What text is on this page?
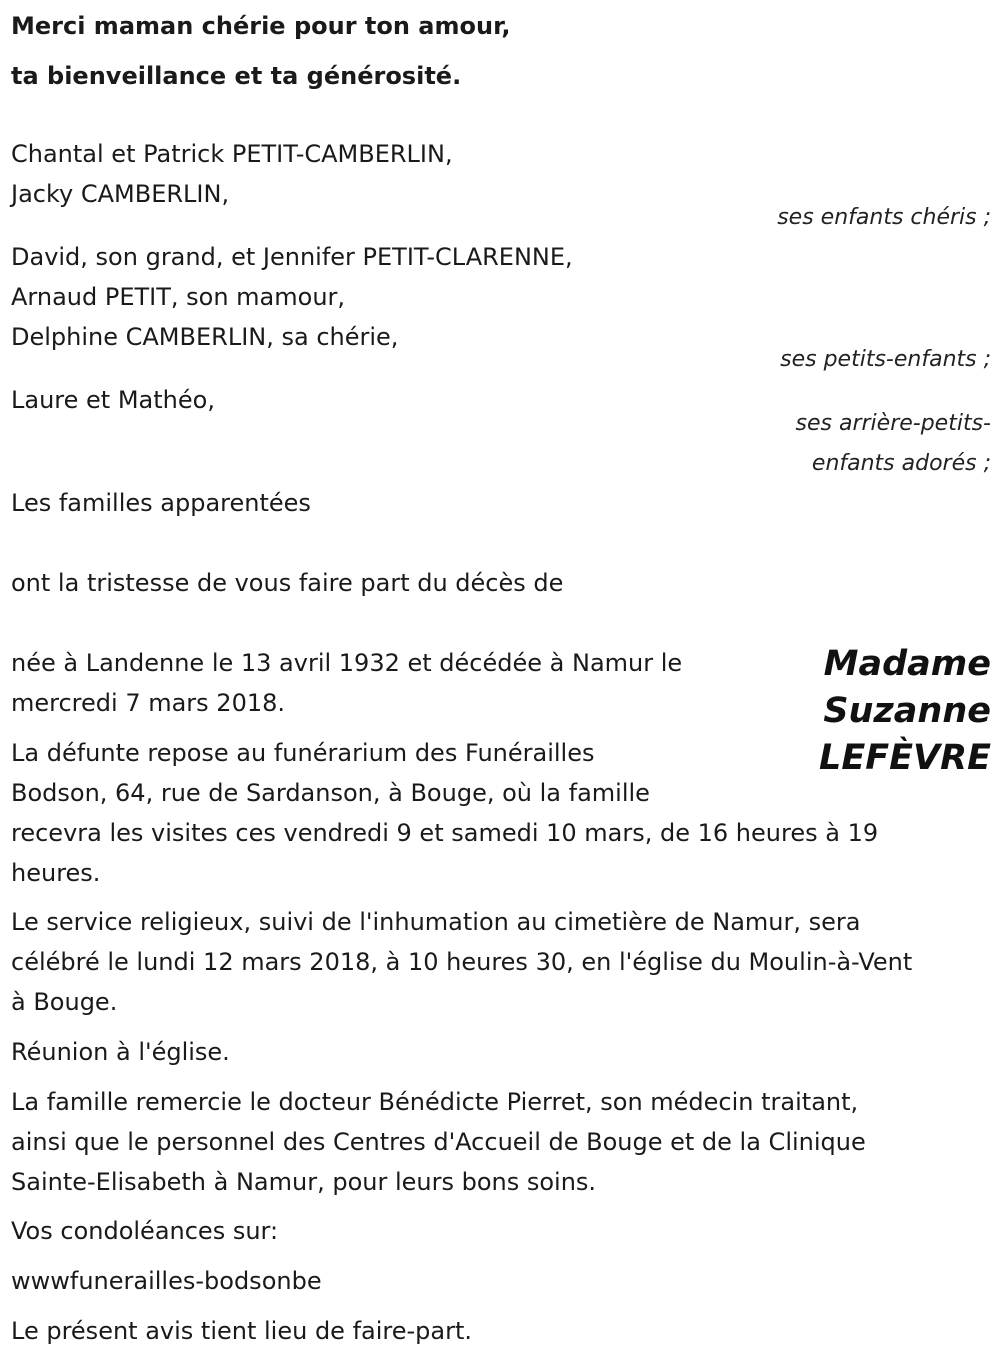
Merci maman chérie pour ton amour,
ta bienveillance et ta générosité.
Chantal et Patrick PETIT-CAMBERLIN,
Jacky CAMBERLIN,
ses enfants chéris ;
David, son grand, et Jennifer PETIT-CLARENNE,
Arnaud PETIT, son mamour,
Delphine CAMBERLIN, sa chérie,
ses petits-enfants ;
Laure et Mathéo,
ses arrière-petits-
enfants adorés ;
Les familles apparentées
ont la tristesse de vous faire part du décès de
Madame
Suzanne
LEFÈVRE
née à Landenne le 13 avril 1932 et décédée à Namur le
mercredi 7 mars 2018.
La défunte repose au funérarium des Funérailles
Bodson, 64, rue de Sardanson, à Bouge, où la famille
recevra les visites ces vendredi 9 et samedi 10 mars, de 16 heures à 19
heures.
Le service religieux, suivi de l'inhumation au cimetière de Namur, sera
célébré le lundi 12 mars 2018, à 10 heures 30, en l'église du Moulin-à-Vent
à Bouge.
Réunion à l'église.
La famille remercie le docteur Bénédicte Pierret, son médecin traitant,
ainsi que le personnel des Centres d'Accueil de Bouge et de la Clinique
Sainte-Elisabeth à Namur, pour leurs bons soins.
Vos condoléances sur:
wwwfunerailles-bodsonbe
Le présent avis tient lieu de faire-part.
